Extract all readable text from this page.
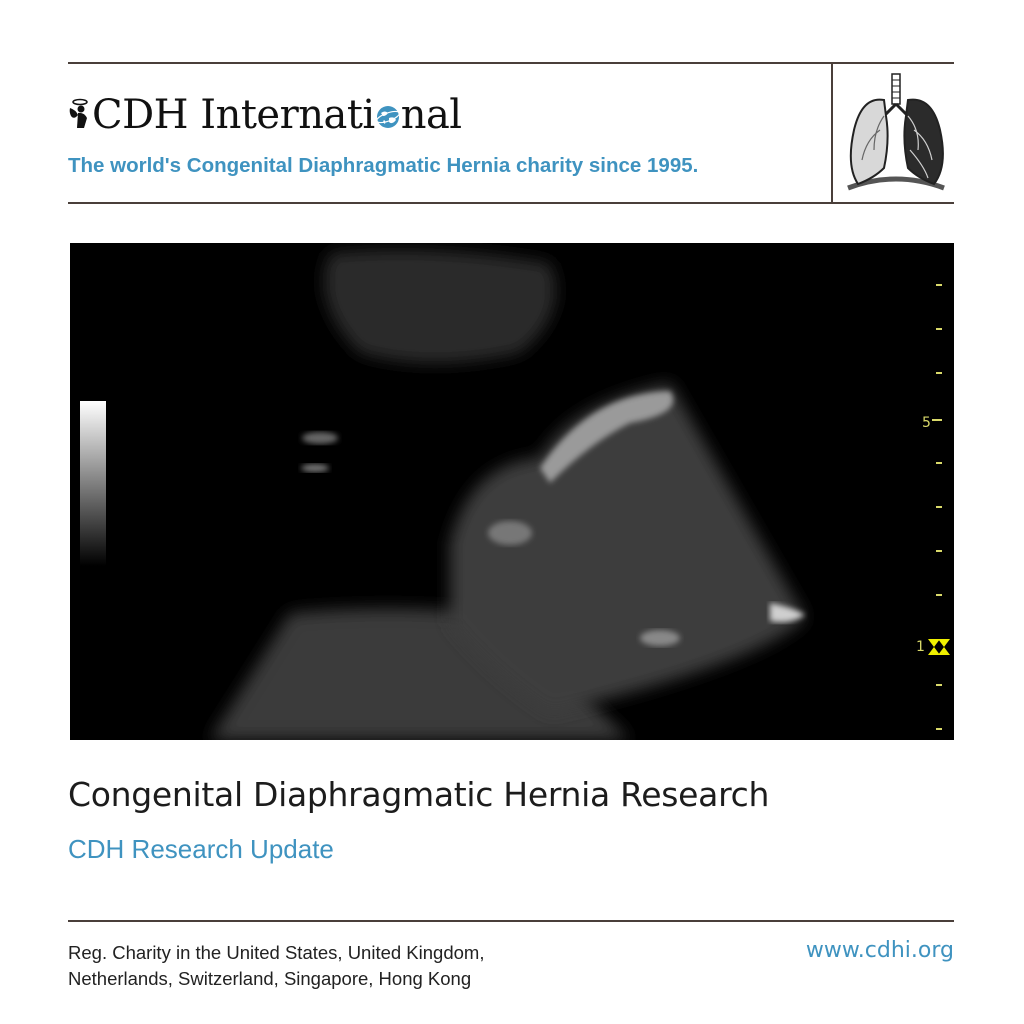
CDH Internati nal
The world's Congenital Diaphragmatic Hernia charity since 1995.
5
1
Congenital Diaphragmatic Hernia Research
CDH Research Update
Reg. Charity in the United States, United Kingdom,
Netherlands, Switzerland, Singapore, Hong Kong
www.cdhi.org
